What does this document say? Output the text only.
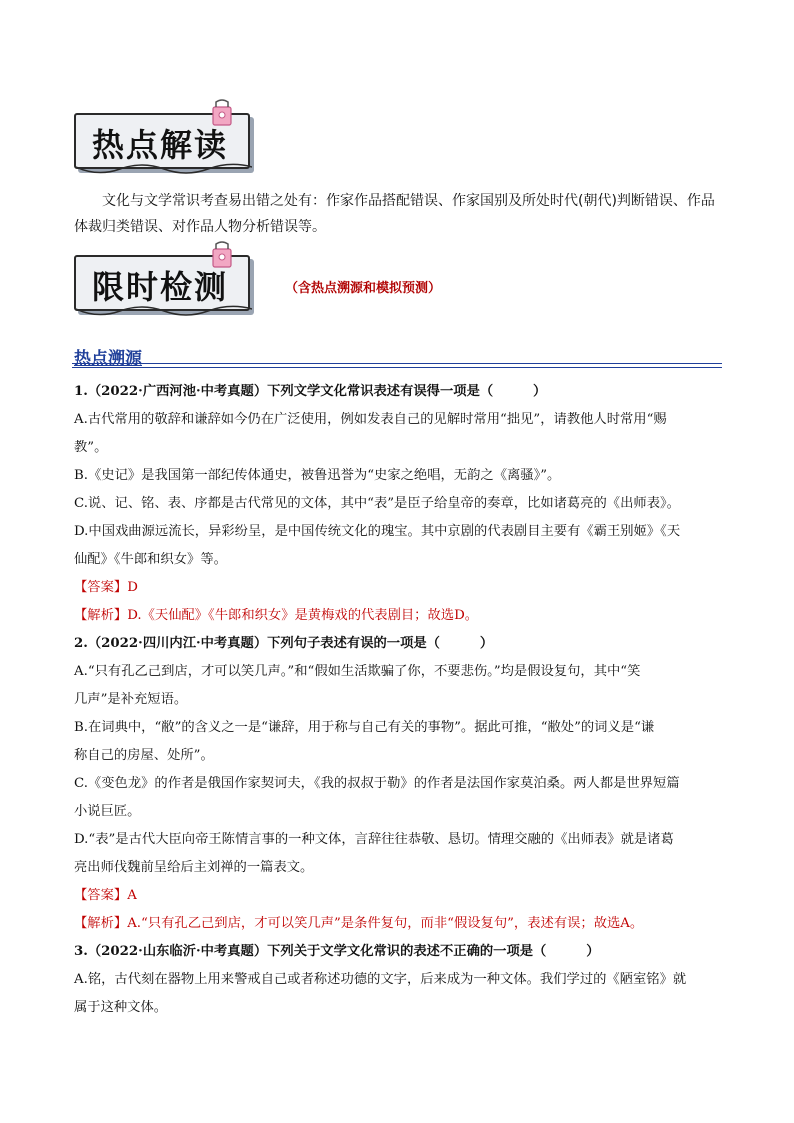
热点解读
文化与文学常识考查易出错之处有：作家作品搭配错误、作家国别及所处时代(朝代)判断错误、作品体裁归类错误、对作品人物分析错误等。
限时检测	（含热点溯源和模拟预测）
热点溯源
1.（2022·广西河池·中考真题）下列文学文化常识表述有误得一项是（　　　）
A.古代常用的敬辞和谦辞如今仍在广泛使用，例如发表自己的见解时常用“拙见”，请教他人时常用“赐
教”。
B.《史记》是我国第一部纪传体通史，被鲁迅誉为“史家之绝唱，无韵之《离骚》”。
C.说、记、铭、表、序都是古代常见的文体，其中“表”是臣子给皇帝的奏章，比如诸葛亮的《出师表》。
D.中国戏曲源远流长，异彩纷呈，是中国传统文化的瑰宝。其中京剧的代表剧目主要有《霸王别姬》《天
仙配》《牛郎和织女》等。
【答案】D
【解析】D.《天仙配》《牛郎和织女》是黄梅戏的代表剧目；故选D。
2.（2022·四川内江·中考真题）下列句子表述有误的一项是（　　　）
A.“只有孔乙己到店，才可以笑几声。”和“假如生活欺骗了你，不要悲伤。”均是假设复句，其中“笑
几声”是补充短语。
B.在词典中，“敝”的含义之一是“谦辞，用于称与自己有关的事物”。据此可推，“敝处”的词义是“谦
称自己的房屋、处所”。
C.《变色龙》的作者是俄国作家契诃夫，《我的叔叔于勒》的作者是法国作家莫泊桑。两人都是世界短篇
小说巨匠。
D.“表”是古代大臣向帝王陈情言事的一种文体，言辞往往恭敬、恳切。情理交融的《出师表》就是诸葛
亮出师伐魏前呈给后主刘禅的一篇表文。
【答案】A
【解析】A.“只有孔乙己到店，才可以笑几声”是条件复句，而非“假设复句”，表述有误；故选A。
3.（2022·山东临沂·中考真题）下列关于文学文化常识的表述不正确的一项是（　　　）
A.铭，古代刻在器物上用来警戒自己或者称述功德的文字，后来成为一种文体。我们学过的《陋室铭》就
属于这种文体。
